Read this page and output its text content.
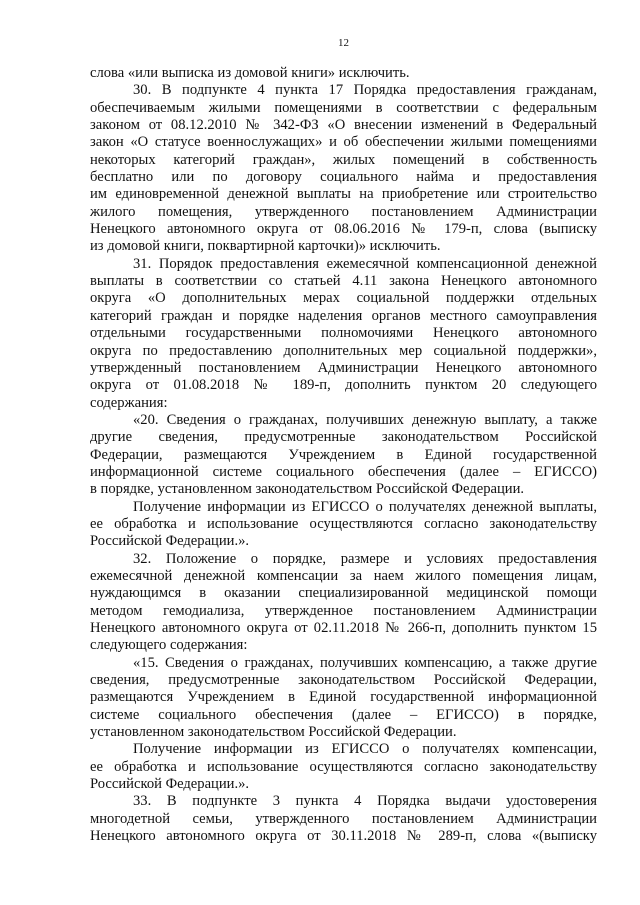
12
слова «или выписка из домовой книги» исключить.
30. В подпункте 4 пункта 17 Порядка предоставления гражданам,
обеспечиваемым жилыми помещениями в соответствии с федеральным
законом от 08.12.2010 № 342-ФЗ «О внесении изменений в Федеральный
закон «О статусе военнослужащих» и об обеспечении жилыми помещениями
некоторых категорий граждан», жилых помещений в собственность
бесплатно или по договору социального найма и предоставления
им единовременной денежной выплаты на приобретение или строительство
жилого помещения, утвержденного постановлением Администрации
Ненецкого автономного округа от 08.06.2016 № 179-п, слова (выписку
из домовой книги, поквартирной карточки)» исключить.
31. Порядок предоставления ежемесячной компенсационной денежной
выплаты в соответствии со статьей 4.11 закона Ненецкого автономного
округа «О дополнительных мерах социальной поддержки отдельных
категорий граждан и порядке наделения органов местного самоуправления
отдельными государственными полномочиями Ненецкого автономного
округа по предоставлению дополнительных мер социальной поддержки»,
утвержденный постановлением Администрации Ненецкого автономного
округа от 01.08.2018 № 189-п, дополнить пунктом 20 следующего
содержания:
«20. Сведения о гражданах, получивших денежную выплату, а также
другие сведения, предусмотренные законодательством Российской
Федерации, размещаются Учреждением в Единой государственной
информационной системе социального обеспечения (далее – ЕГИССО)
в порядке, установленном законодательством Российской Федерации.
Получение информации из ЕГИССО о получателях денежной выплаты,
ее обработка и использование осуществляются согласно законодательству
Российской Федерации.».
32. Положение о порядке, размере и условиях предоставления
ежемесячной денежной компенсации за наем жилого помещения лицам,
нуждающимся в оказании специализированной медицинской помощи
методом гемодиализа, утвержденное постановлением Администрации
Ненецкого автономного округа от 02.11.2018 № 266-п, дополнить пунктом 15
следующего содержания:
«15. Сведения о гражданах, получивших компенсацию, а также другие
сведения, предусмотренные законодательством Российской Федерации,
размещаются Учреждением в Единой государственной информационной
системе социального обеспечения (далее – ЕГИССО) в порядке,
установленном законодательством Российской Федерации.
Получение информации из ЕГИССО о получателях компенсации,
ее обработка и использование осуществляются согласно законодательству
Российской Федерации.».
33. В подпункте 3 пункта 4 Порядка выдачи удостоверения
многодетной семьи, утвержденного постановлением Администрации
Ненецкого автономного округа от 30.11.2018 № 289-п, слова «(выписку
